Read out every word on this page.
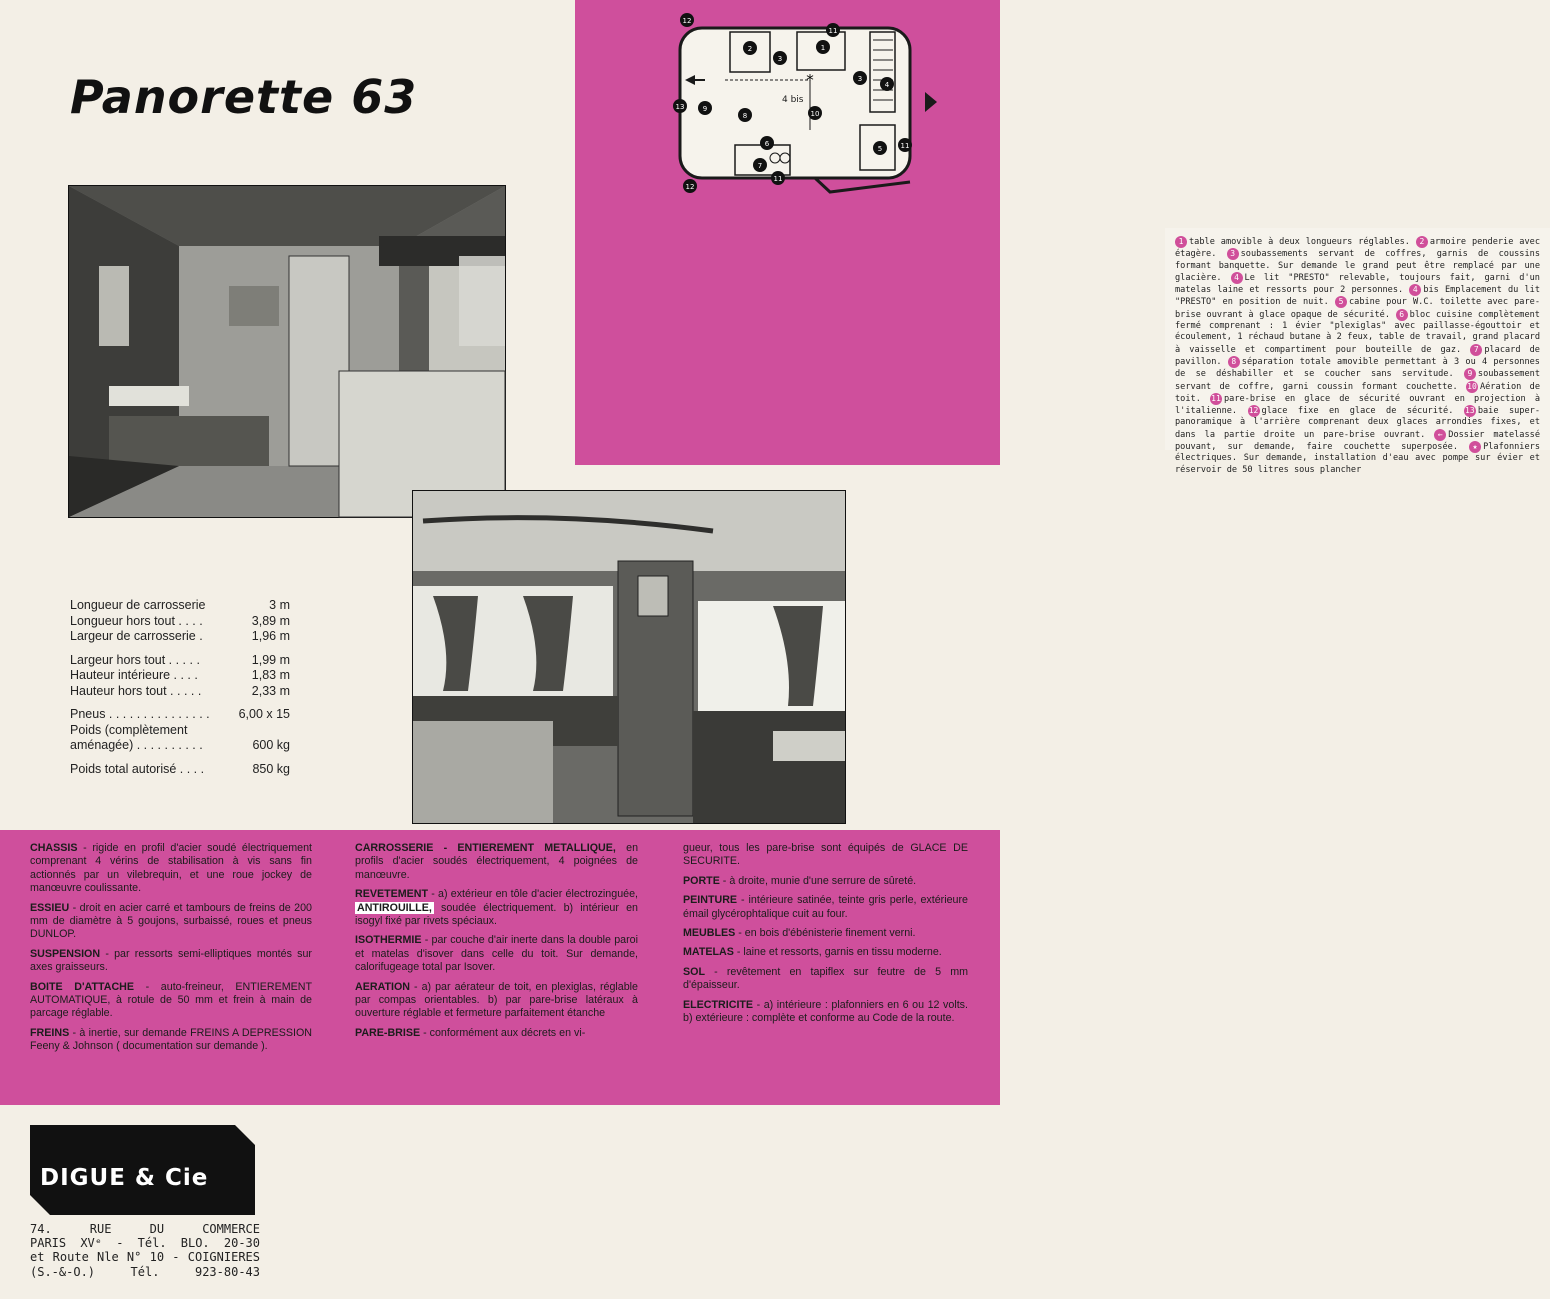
Panorette 63	*
4 bis
1
2
3
3
4
5
6
7
8
9
10
11
11
11
12
12
13
1 table amovible à deux longueurs réglables. 2 armoire penderie avec étagère. 3 soubassements servant de coffres, garnis de coussins formant banquette. Sur demande le grand peut être remplacé par une glacière. 4 Le lit "PRESTO" relevable, toujours fait, garni d'un matelas laine et ressorts pour 2 personnes. 4 bis Emplacement du lit "PRESTO" en position de nuit. 5 cabine pour W.C. toilette avec pare-brise ouvrant à glace opaque de sécurité. 6 bloc cuisine complètement fermé comprenant : 1 évier "plexiglas" avec paillasse-égouttoir et écoulement, 1 réchaud butane à 2 feux, table de travail, grand placard à vaisselle et compartiment pour bouteille de gaz. 7 placard de pavillon. 8 séparation totale amovible permettant à 3 ou 4 personnes de se déshabiller et se coucher sans servitude. 9 soubassement servant de coffre, garni coussin formant couchette. 10 Aération de toit. 11 pare-brise en glace de sécurité ouvrant en projection à l'italienne. 12 glace fixe en glace de sécurité. 13 baie super-panoramique à l'arrière comprenant deux glaces arrondies fixes, et dans la partie droite un pare-brise ouvrant. ← Dossier matelassé pouvant, sur demande, faire couchette superposée. ★ Plafonniers électriques. Sur demande, installation d'eau avec pompe sur évier et réservoir de 50 litres sous plancher
Longueur de carrosserie	3 m
Longueur hors tout . . . .	3,89 m
Largeur de carrosserie .	1,96 m
Largeur hors tout . . . . .	1,99 m
Hauteur intérieure . . . .	1,83 m
Hauteur hors tout . . . . .	2,33 m
Pneus . . . . . . . . . . . . . . . 6,00 x 15
Poids (complètement
aménagée) . . . . . . . . . .	600 kg
Poids total autorisé . . . .	850 kg

CHASSIS - rigide en profil d'acier soudé électriquement comprenant 4 vérins de stabilisation à vis sans fin actionnés par un vilebrequin, et une roue jockey de manœuvre coulissante.

ESSIEU - droit en acier carré et tambours de freins de 200 mm de diamètre à 5 goujons, surbaissé, roues et pneus DUNLOP.

SUSPENSION - par ressorts semi-elliptiques montés sur axes graisseurs.

BOITE D'ATTACHE - auto-freineur, ENTIEREMENT AUTOMATIQUE, à rotule de 50 mm et frein à main de parcage réglable.

FREINS - à inertie, sur demande FREINS A DEPRESSION Feeny & Johnson ( documentation sur demande ).

CARROSSERIE - ENTIEREMENT METALLIQUE, en profils d'acier soudés électriquement, 4 poignées de manœuvre.

REVETEMENT - a) extérieur en tôle d'acier électrozinguée, ANTIROUILLE, soudée électriquement. b) intérieur en isogyl fixé par rivets spéciaux.

ISOTHERMIE - par couche d'air inerte dans la double paroi et matelas d'isover dans celle du toit. Sur demande, calorifugeage total par Isover.

AERATION - a) par aérateur de toit, en plexiglas, réglable par compas orientables. b) par pare-brise latéraux à ouverture réglable et fermeture parfaitement étanche

PARE-BRISE - conformément aux décrets en vi-

gueur, tous les pare-brise sont équipés de GLACE DE SECURITE.

PORTE - à droite, munie d'une serrure de sûreté.

PEINTURE - intérieure satinée, teinte gris perle, extérieure émail glycérophtalique cuit au four.

MEUBLES - en bois d'ébénisterie finement verni.

MATELAS - laine et ressorts, garnis en tissu moderne.

SOL - revêtement en tapiflex sur feutre de 5 mm d'épaisseur.

ELECTRICITE - a) intérieure : plafonniers en 6 ou 12 volts. b) extérieure : complète et conforme au Code de la route.

DIGUE & Cie
74. RUE DU COMMERCE
PARIS XVᵉ - Tél. BLO. 20-30
et Route Nle N° 10 - COIGNIERES
(S.-&-O.) Tél. 923-80-43
